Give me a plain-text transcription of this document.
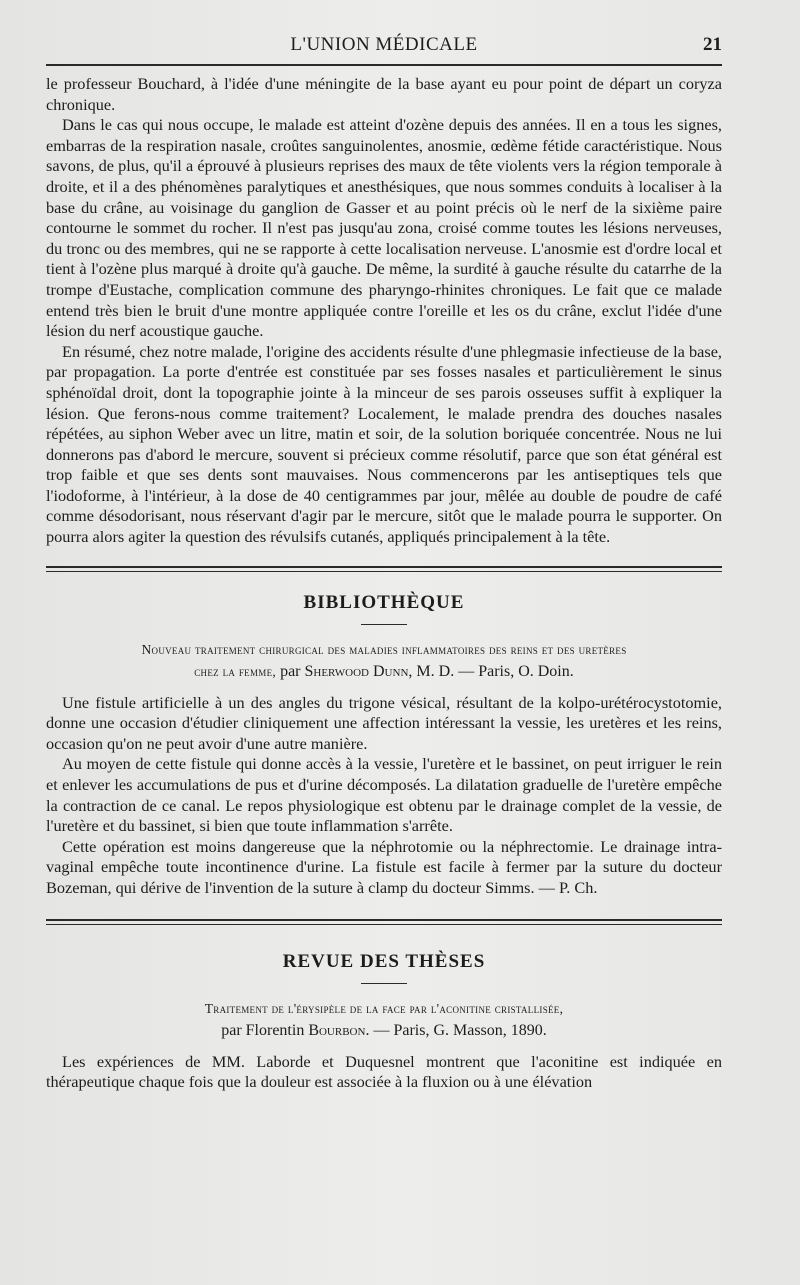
L'UNION MÉDICALE	21

le professeur Bouchard, à l'idée d'une méningite de la base ayant eu pour point de départ un coryza chronique.

Dans le cas qui nous occupe, le malade est atteint d'ozène depuis des années. Il en a tous les signes, embarras de la respiration nasale, croûtes sanguinolentes, anosmie, œdème fétide caractéristique. Nous savons, de plus, qu'il a éprouvé à plusieurs reprises des maux de tête violents vers la région temporale à droite, et il a des phénomènes paralytiques et anesthésiques, que nous sommes conduits à localiser à la base du crâne, au voisinage du ganglion de Gasser et au point précis où le nerf de la sixième paire contourne le sommet du rocher. Il n'est pas jusqu'au zona, croisé comme toutes les lésions nerveuses, du tronc ou des membres, qui ne se rapporte à cette localisation nerveuse. L'anosmie est d'ordre local et tient à l'ozène plus marqué à droite qu'à gauche. De même, la surdité à gauche résulte du catarrhe de la trompe d'Eustache, complication commune des pharyngo-rhinites chroniques. Le fait que ce malade entend très bien le bruit d'une montre appliquée contre l'oreille et les os du crâne, exclut l'idée d'une lésion du nerf acoustique gauche.

En résumé, chez notre malade, l'origine des accidents résulte d'une phlegmasie infectieuse de la base, par propagation. La porte d'entrée est constituée par ses fosses nasales et particulièrement le sinus sphénoïdal droit, dont la topographie jointe à la minceur de ses parois osseuses suffit à expliquer la lésion. Que ferons-nous comme traitement? Localement, le malade prendra des douches nasales répétées, au siphon Weber avec un litre, matin et soir, de la solution boriquée concentrée. Nous ne lui donnerons pas d'abord le mercure, souvent si précieux comme résolutif, parce que son état général est trop faible et que ses dents sont mauvaises. Nous commencerons par les antiseptiques tels que l'iodoforme, à l'intérieur, à la dose de 40 centigrammes par jour, mêlée au double de poudre de café comme désodorisant, nous réservant d'agir par le mercure, sitôt que le malade pourra le supporter. On pourra alors agiter la question des révulsifs cutanés, appliqués principalement à la tête.

BIBLIOTHÈQUE
Nouveau traitement chirurgical des maladies inflammatoires des reins et des uretères
chez la femme, par Sherwood Dunn, M. D. — Paris, O. Doin.

Une fistule artificielle à un des angles du trigone vésical, résultant de la kolpo-urétérocystotomie, donne une occasion d'étudier cliniquement une affection intéressant la vessie, les uretères et les reins, occasion qu'on ne peut avoir d'une autre manière.

Au moyen de cette fistule qui donne accès à la vessie, l'uretère et le bassinet, on peut irriguer le rein et enlever les accumulations de pus et d'urine décomposés. La dilatation graduelle de l'uretère empêche la contraction de ce canal. Le repos physiologique est obtenu par le drainage complet de la vessie, de l'uretère et du bassinet, si bien que toute inflammation s'arrête.

Cette opération est moins dangereuse que la néphrotomie ou la néphrectomie. Le drainage intra-vaginal empêche toute incontinence d'urine. La fistule est facile à fermer par la suture du docteur Bozeman, qui dérive de l'invention de la suture à clamp du docteur Simms. — P. Ch.

REVUE DES THÈSES
Traitement de l'érysipèle de la face par l'aconitine cristallisée,
par Florentin Bourbon. — Paris, G. Masson, 1890.

Les expériences de MM. Laborde et Duquesnel montrent que l'aconitine est indiquée en thérapeutique chaque fois que la douleur est associée à la fluxion ou à une élévation
